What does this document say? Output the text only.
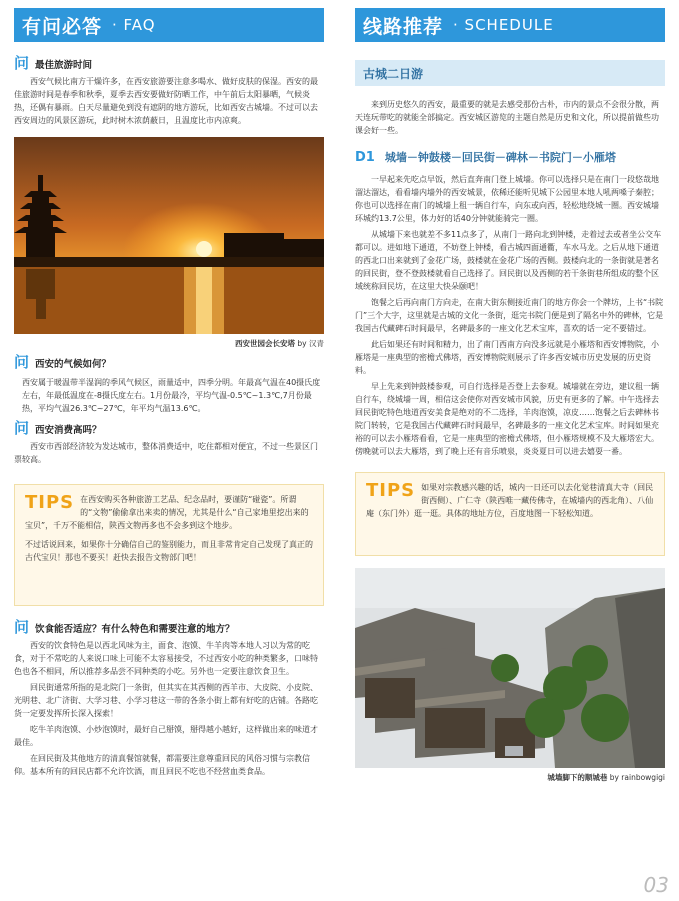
有问必答 · FAQ
问 最佳旅游时间

西安气候比南方干燥许多，在西安旅游要注意多喝水、做好皮肤的保湿。西安的最佳旅游时间是春季和秋季，夏季去西安要做好防晒工作，中午前后太阳暴晒，气候炎热，还偶有暴雨。白天尽量避免到没有遮阴的地方游玩，比如西安古城墙。不过可以去西安周边的风景区游玩，此时树木浓荫蔽日，且温度比市内凉爽。

西安世园会长安塔 by 汉青
问 西安的气候如何？

西安属于暖温带半湿润的季风气候区，雨量适中，四季分明。年最高气温在40摄氏度左右，年最低温度在-8摄氏度左右。1月份最冷，平均气温-0.5℃~1.3℃,7月份最热，平均气温26.3℃~27℃，年平均气温13.6℃。

问 西安消费高吗？

西安市西部经济较为发达城市，整体消费适中，吃住都相对便宜，不过一些景区门票较高。

TIPS 在西安购买各种旅游工艺品、纪念品时，要谨防“碰瓷”。所谓的“文物”偷偷拿出来卖的情况，尤其是什么“自己家地里挖出来的宝贝”，千万不能相信，陕西文物再多也不会多到这个地步。

不过话说回来，如果你十分确信自己的鉴别能力，而且非常肯定自己发现了真正的古代宝贝！那也不要买！赶快去报告文物部门吧！

问 饮食能否适应？有什么特色和需要注意的地方？

西安的饮食特色是以西北风味为主，面食、泡馍、牛羊肉等本地人习以为常的吃食，对于不常吃的人来说口味上可能不太容易接受，不过西安小吃的种类繁多，口味特色也各不相同，所以推荐多品尝不同种类的小吃。另外也一定要注意饮食卫生。

回民街通常所指的是北院门一条街，但其实在其西侧的西羊市、大皮院、小皮院、光明巷、北广济街、大学习巷、小学习巷这一带的各条小街上都有好吃的店铺。各路吃货一定要发挥所长深入探索！

吃牛羊肉泡馍、小炒泡馍时，最好自己掰馍，掰得越小越好，这样做出来的味道才最佳。

在回民街及其他地方的清真餐馆就餐，都需要注意尊重回民的风俗习惯与宗教信仰。基本所有的回民店都不允许饮酒，而且回民不吃也不经营血类食品。

线路推荐 · SCHEDULE
古城二日游

来到历史悠久的西安，最重要的就是去感受那份古朴，市内的景点不会很分散，两天连玩带吃的就能全部搞定。西安城区游览的主题自然是历史和文化，所以提前做些功课会好一些。

D1 城墙－钟鼓楼－回民街－碑林－书院门－小雁塔

一早起来先吃点早饭，然后直奔南门登上城墙。你可以选择只是在南门一段悠哉地溜达溜达，看看墙内墙外的西安城景，依稀还能听见城下公园里本地人吼两嗓子秦腔；你也可以选择在南门的城墙上租一辆自行车，向东或向西，轻松地绕城一圈。西安城墙环城约13.7公里，体力好的话40分钟就能骑完一圈。

从城墙下来也就差不多11点多了，从南门一路向北到钟楼，走着过去或者坐公交车都可以。进如地下通道，不妨登上钟楼，看古城四面通衢，车水马龙。之后从地下通道的西北口出来就到了金花广场，鼓楼就在金花广场的西侧。鼓楼向北的一条街就是著名的回民街，登不登鼓楼就看自己选择了。回民街以及西侧的若干条街巷所组成的整个区域统称回民坊，在这里大快朵颐吧！

饱餐之后再向南门方向走，在南大街东侧接近南门的地方你会一个牌坊，上书“书院门”三个大字，这里就是古城的文化一条街，逛完书院门便是到了隔名中外的碑林，它是我国古代藏碑石时间最早，名碑最多的一座文化艺术宝库，喜欢的话一定不要错过。

此后如果还有时间和精力，出了南门西南方向没多远就是小雁塔和西安博物院，小雁塔是一座典型的密檐式佛塔，西安博物院则展示了许多西安城市历史发展的历史资料。

早上先来到钟鼓楼参观，可自行选择是否登上去参观。城墙就在旁边，建议租一辆自行车，绕城墙一周，相信这会使你对西安城市风貌，历史有更多的了解。中午选择去回民街吃特色地道西安美食是绝对的不二选择，羊肉泡馍，凉皮……饱餐之后去碑林书院门转转，它是我国古代藏碑石时间最早，名碑最多的一座文化艺术宝库。时间如果充裕的可以去小雁塔看看，它是一座典型的密檐式佛塔，但小雁塔规模不及大雁塔宏大。傍晚就可以去大雁塔，到了晚上还有音乐喷泉，炎炎夏日可以进去嬉耍一番。

TIPS 如果对宗教感兴趣的话，城内一日还可以去化觉巷清真大寺（回民街西侧）、广仁寺（陕西唯一藏传佛寺，在城墙内的西北角）、八仙庵（东门外）逛一逛。具体的地址方位，百度地图一下轻松知道。

城墙脚下的顺城巷 by rainbowgigi
03
